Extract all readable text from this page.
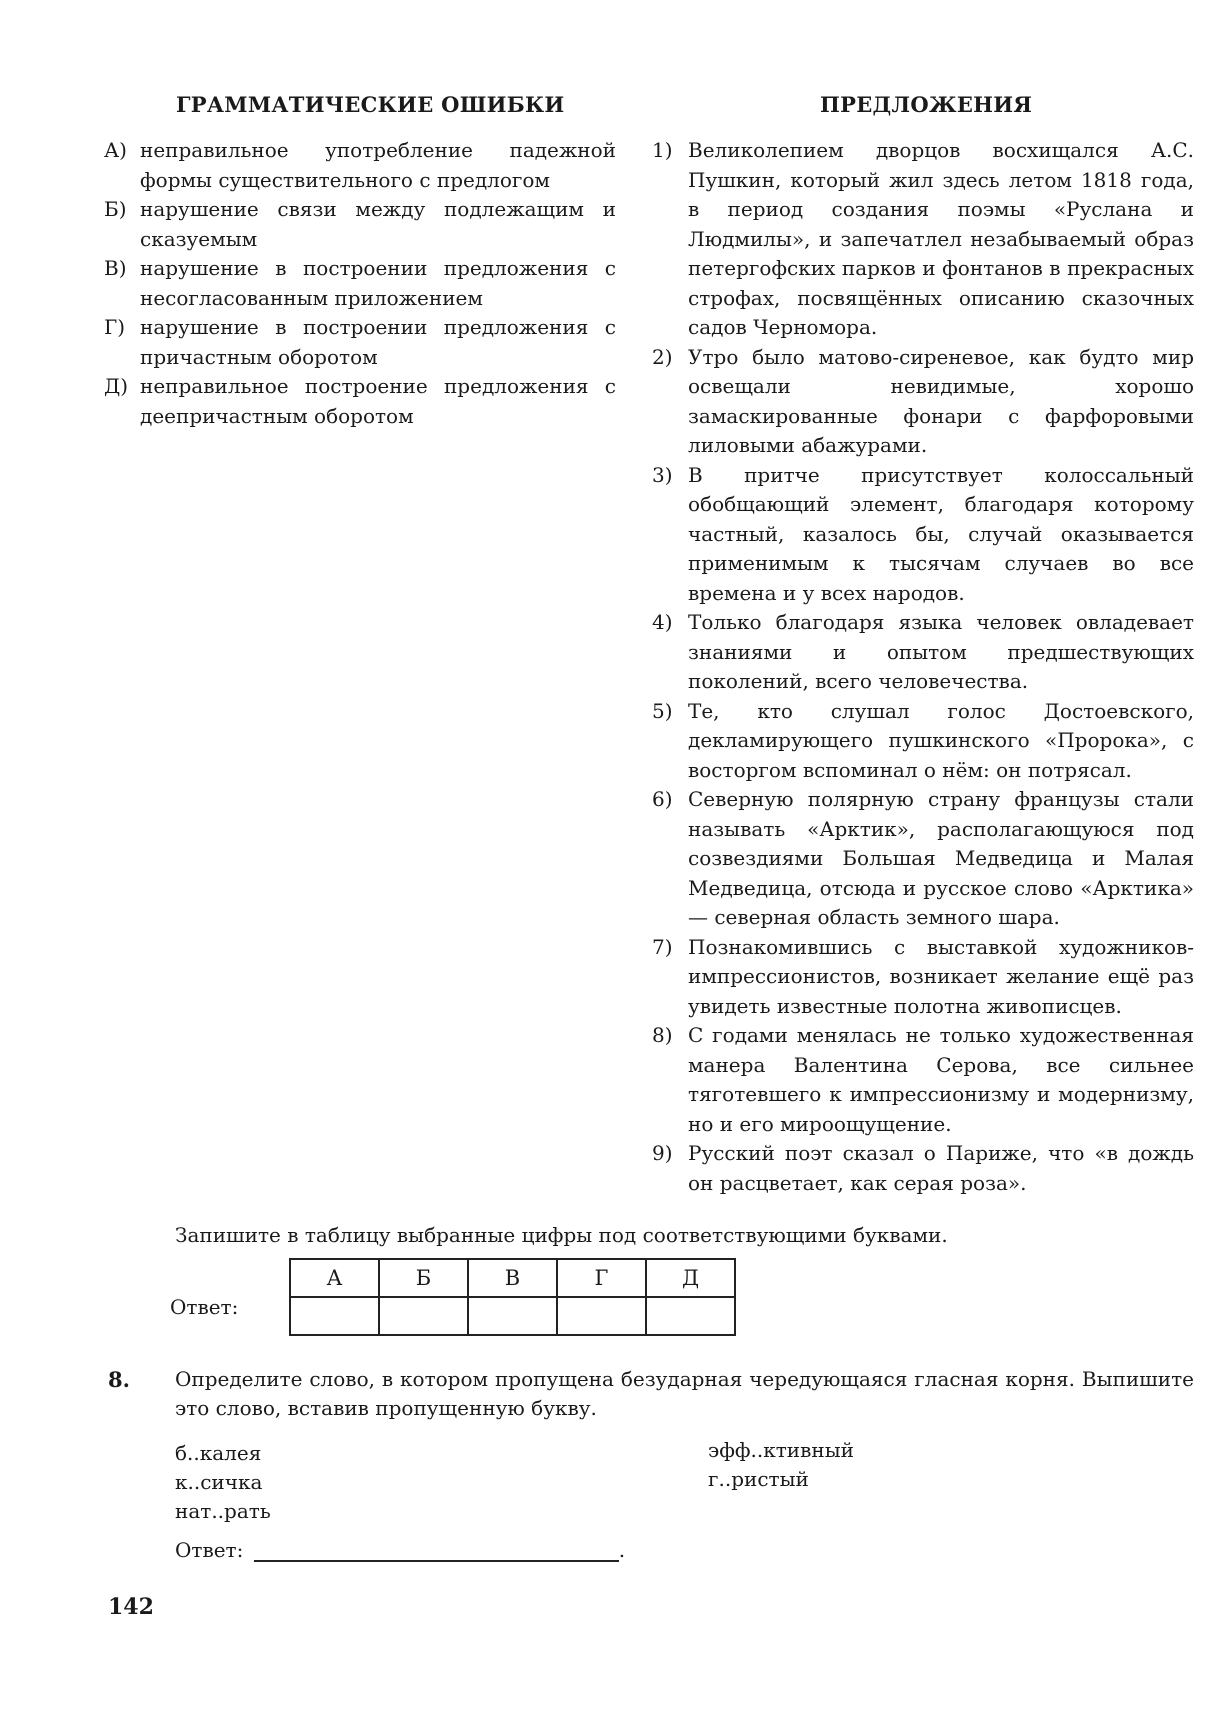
ГРАММАТИЧЕСКИЕ ОШИБКИ
А) неправильное употребление падежной формы существительного с предлогом
Б) нарушение связи между подлежащим и сказуемым
В) нарушение в построении предложения с несогласованным приложением
Г) нарушение в построении предложения с причастным оборотом
Д) неправильное построение предложения с деепричастным оборотом
ПРЕДЛОЖЕНИЯ
1) Великолепием дворцов восхищался А.С. Пушкин, который жил здесь летом 1818 года, в период создания поэмы «Руслана и Людмилы», и запечатлел незабываемый образ петергофских парков и фонтанов в прекрасных строфах, посвящённых описанию сказочных садов Черномора.
2) Утро было матово-сиреневое, как будто мир освещали невидимые, хорошо замаскированные фонари с фарфоровыми лиловыми абажурами.
3) В притче присутствует колоссальный обобщающий элемент, благодаря которому частный, казалось бы, случай оказывается применимым к тысячам случаев во все времена и у всех народов.
4) Только благодаря языка человек овладевает знаниями и опытом предшествующих поколений, всего человечества.
5) Те, кто слушал голос Достоевского, декламирующего пушкинского «Пророка», с восторгом вспоминал о нём: он потрясал.
6) Северную полярную страну французы стали называть «Арктик», располагающуюся под созвездиями Большая Медведица и Малая Медведица, отсюда и русское слово «Арктика» — северная область земного шара.
7) Познакомившись с выставкой художников-импрессионистов, возникает желание ещё раз увидеть известные полотна живописцев.
8) С годами менялась не только художественная манера Валентина Серова, все сильнее тяготевшего к импрессионизму и модернизму, но и его мироощущение.
9) Русский поэт сказал о Париже, что «в дождь он расцветает, как серая роза».
Запишите в таблицу выбранные цифры под соответствующими буквами.
Ответ:
А	Б	В	Г	Д

8. Определите слово, в котором пропущена безударная чередующаяся гласная корня. Выпишите это слово, вставив пропущенную букву.
б..калея
к..сичка
нат..рать
эфф..ктивный
г..ристый
Ответ:	.
142
